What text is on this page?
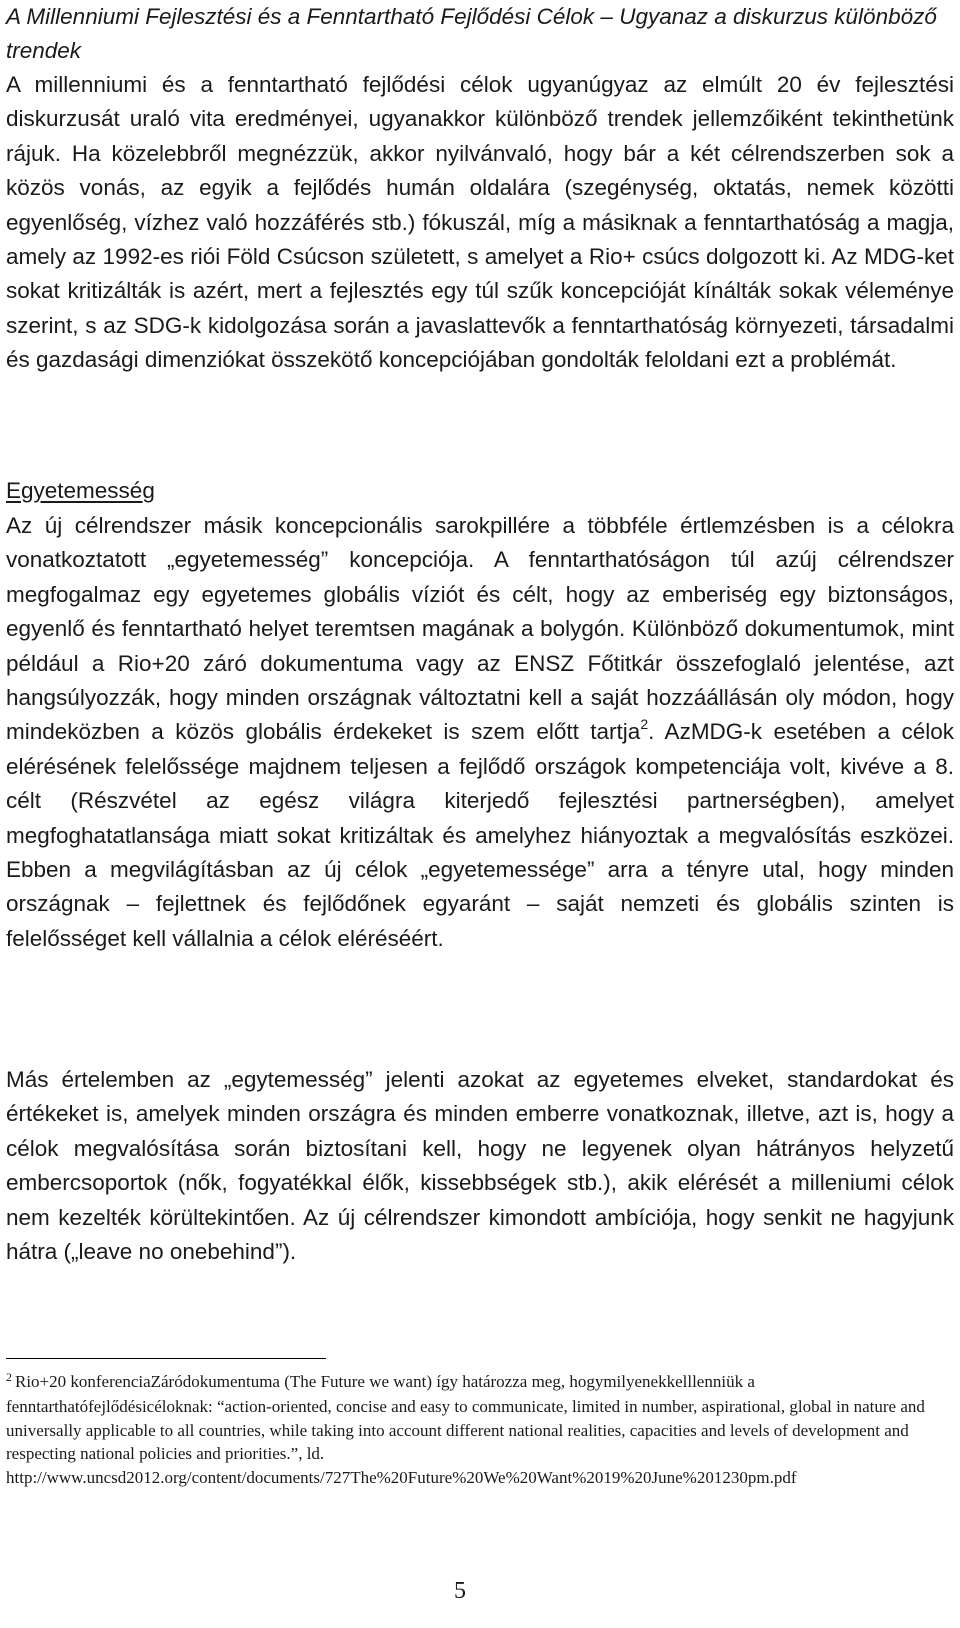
A Millenniumi Fejlesztési és a Fenntartható Fejlődési Célok – Ugyanaz a diskurzus különböző trendek

A millenniumi és a fenntartható fejlődési célok ugyanúgyaz az elmúlt 20 év fejlesztési diskurzusát uraló vita eredményei, ugyanakkor különböző trendek jellemzőiként tekinthetünk rájuk. Ha közelebbről megnézzük, akkor nyilvánvaló, hogy bár a két célrendszerben sok a közös vonás, az egyik a fejlődés humán oldalára (szegénység, oktatás, nemek közötti egyenlőség, vízhez való hozzáférés stb.) fókuszál, míg a másiknak a fenntarthatóság a magja, amely az 1992-es riói Föld Csúcson született, s amelyet a Rio+ csúcs dolgozott ki. Az MDG-ket sokat kritizálták is azért, mert a fejlesztés egy túl szűk koncepcióját kínálták sokak véleménye szerint, s az SDG-k kidolgozása során a javaslattevők a fenntarthatóság környezeti, társadalmi és gazdasági dimenziókat összekötő koncepciójában gondolták feloldani ezt a problémát.

Egyetemesség

Az új célrendszer másik koncepcionális sarokpillére a többféle értlemzésben is a célokra vonatkoztatott „egyetemesség” koncepciója. A fenntarthatóságon túl azúj célrendszer megfogalmaz egy egyetemes globális víziót és célt, hogy az emberiség egy biztonságos, egyenlő és fenntartható helyet teremtsen magának a bolygón. Különböző dokumentumok, mint például a Rio+20 záró dokumentuma vagy az ENSZ Főtitkár összefoglaló jelentése, azt hangsúlyozzák, hogy minden országnak változtatni kell a saját hozzáállásán oly módon, hogy mindeközben a közös globális érdekeket is szem előtt tartja$^2$. AzMDG-k esetében a célok elérésének felelőssége majdnem teljesen a fejlődő országok kompetenciája volt, kivéve a 8. célt (Részvétel az egész világra kiterjedő fejlesztési partnerségben), amelyet megfoghatatlansága miatt sokat kritizáltak és amelyhez hiányoztak a megvalósítás eszközei. Ebben a megvilágításban az új célok „egyetemessége” arra a tényre utal, hogy minden országnak – fejlettnek és fejlődőnek egyaránt – saját nemzeti és globális szinten is felelősséget kell vállalnia a célok eléréséért.

Más értelemben az „egytemesség” jelenti azokat az egyetemes elveket, standardokat és értékeket is, amelyek minden országra és minden emberre vonatkoznak, illetve, azt is, hogy a célok megvalósítása során biztosítani kell, hogy ne legyenek olyan hátrányos helyzetű embercsoportok (nők, fogyatékkal élők, kissebbségek stb.), akik elérését a milleniumi célok nem kezelték körültekintően. Az új célrendszer kimondott ambíciója, hogy senkit ne hagyjunk hátra („leave no onebehind”).

$^2$ Rio+20 konferenciaZáródokumentuma (The Future we want) így határozza meg, hogymilyenekkelllenniük a fenntarthatófejlődésicéloknak: “action-oriented, concise and easy to communicate, limited in number, aspirational, global in nature and universally applicable to all countries, while taking into account different national realities, capacities and levels of development and respecting national policies and priorities.”, ld. http://www.uncsd2012.org/content/documents/727The%20Future%20We%20Want%2019%20June%201230pm.pdf

5
